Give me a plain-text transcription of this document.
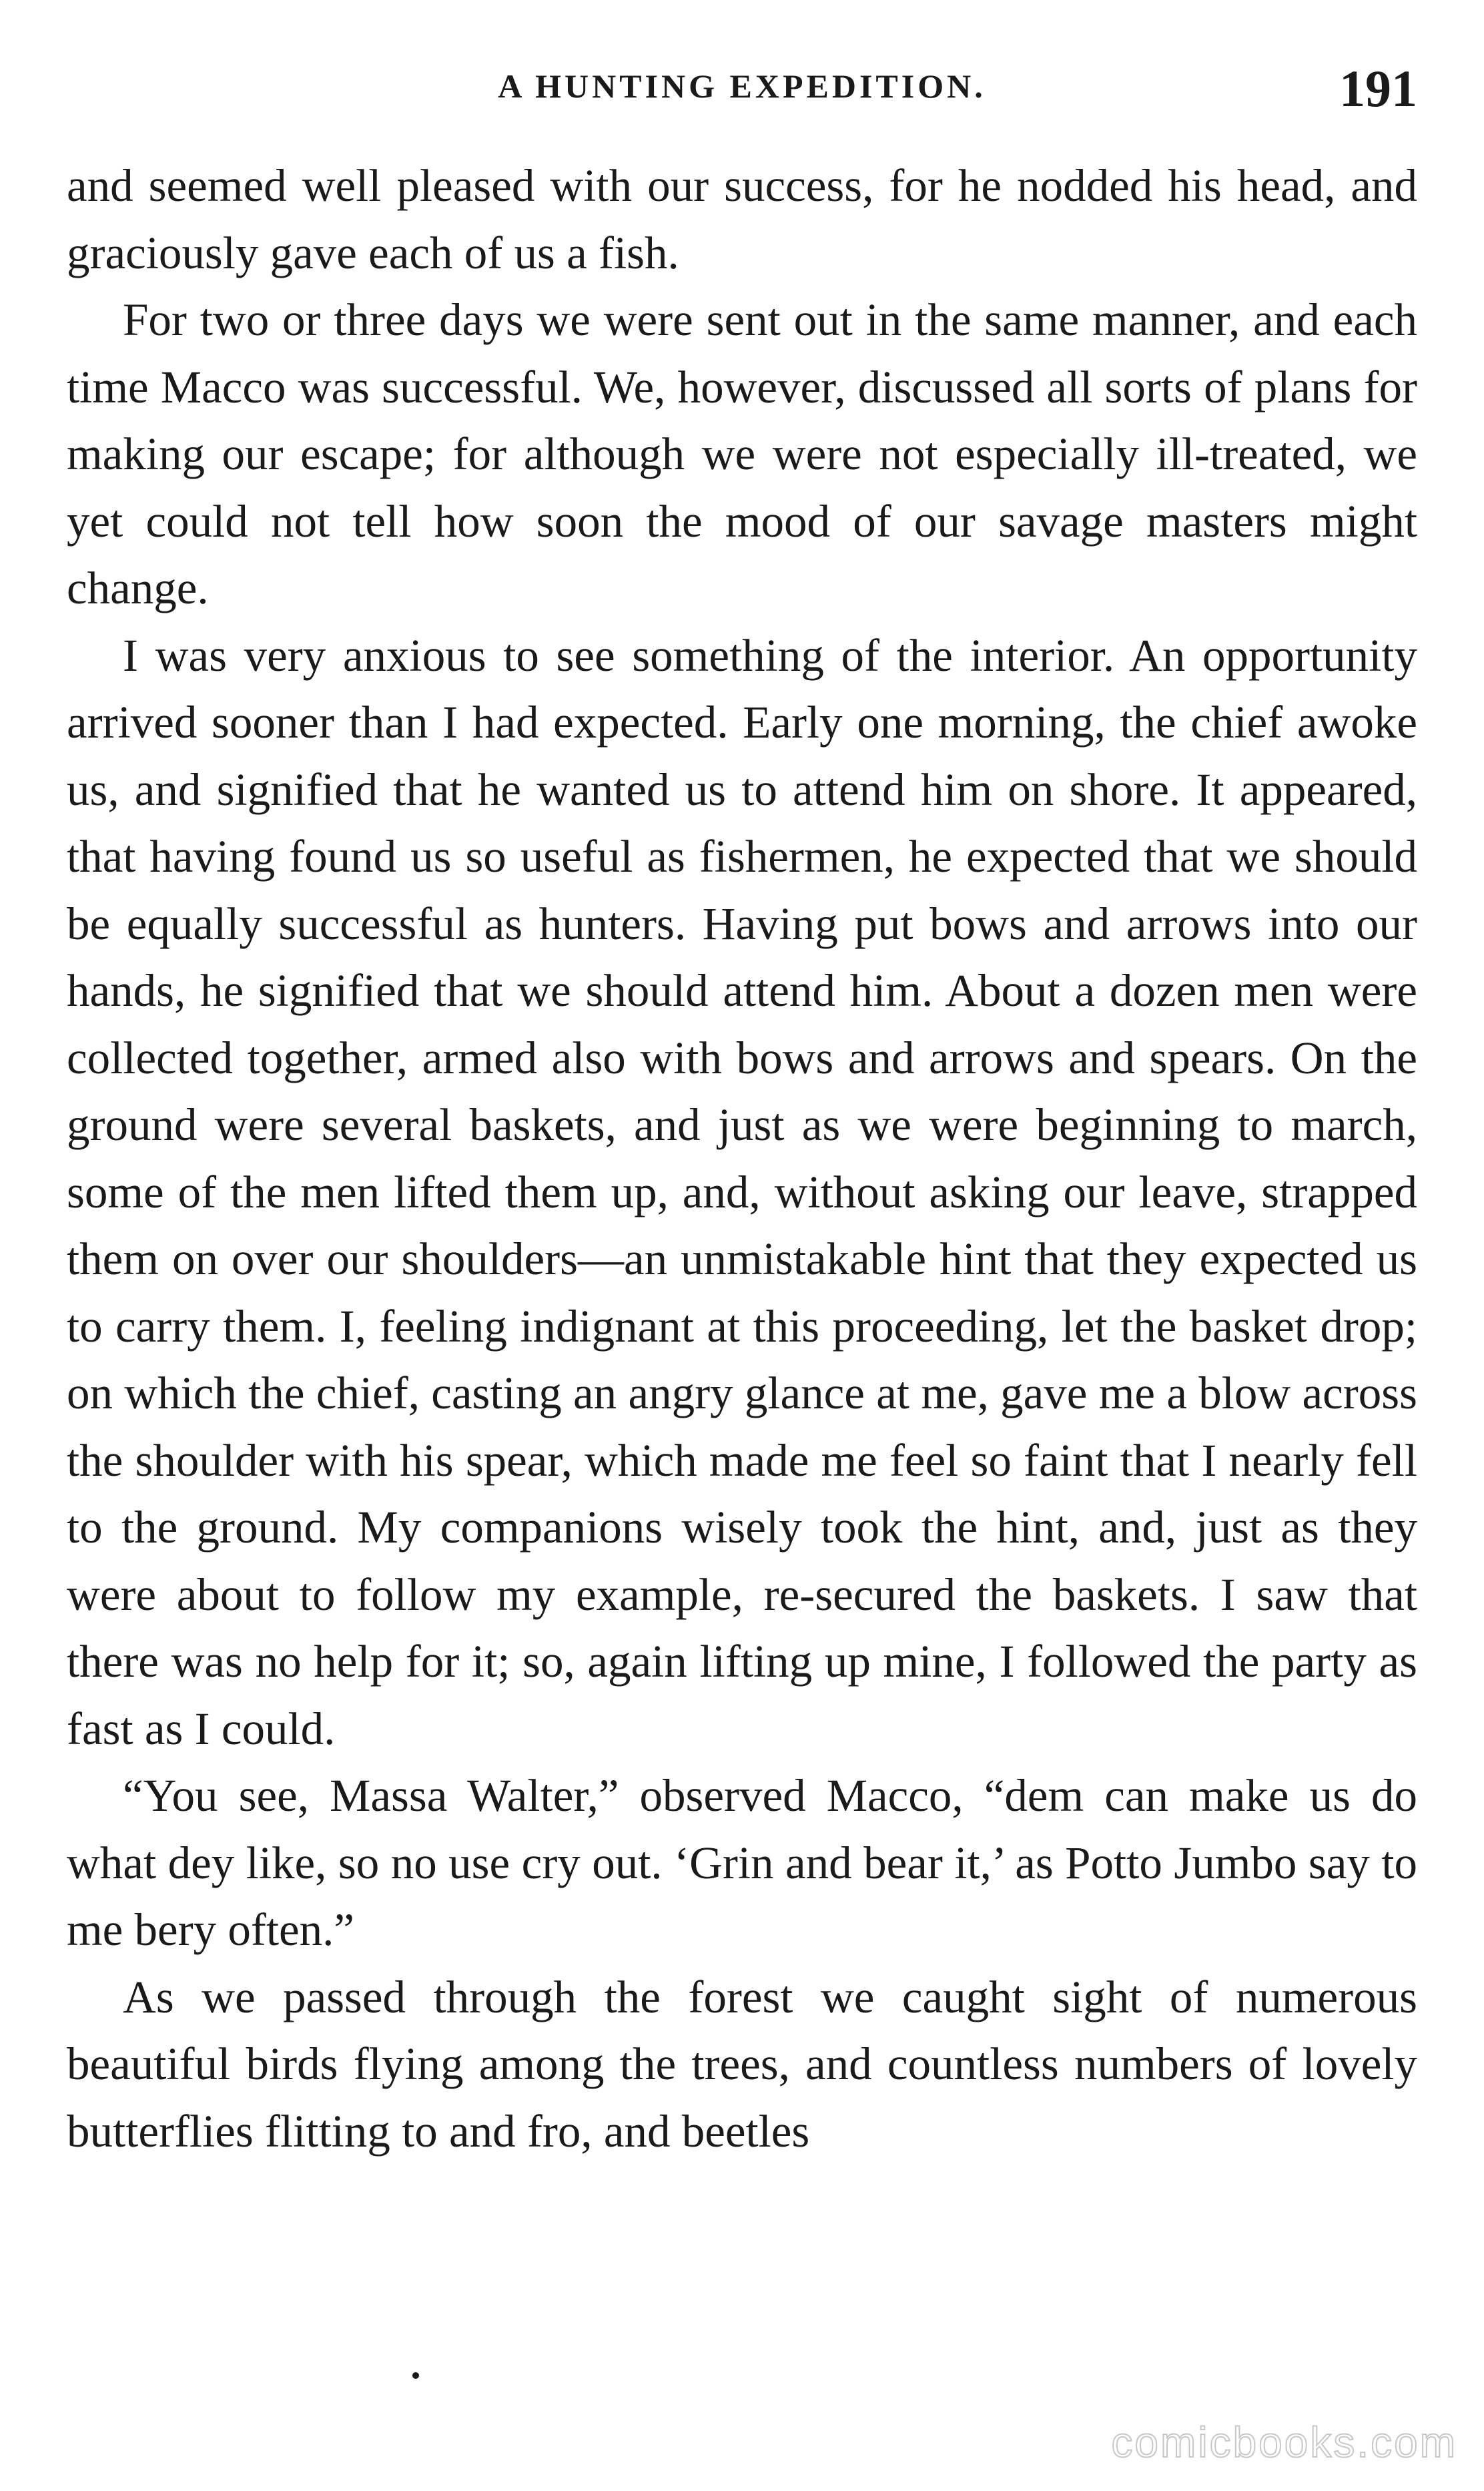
A HUNTING EXPEDITION.	191

and seemed well pleased with our success, for he nodded his head, and graciously gave each of us a fish.

For two or three days we were sent out in the same manner, and each time Macco was successful. We, however, discussed all sorts of plans for making our escape; for although we were not especially ill-treated, we yet could not tell how soon the mood of our savage masters might change.

I was very anxious to see something of the interior. An opportunity arrived sooner than I had expected. Early one morning, the chief awoke us, and signified that he wanted us to attend him on shore. It appeared, that having found us so useful as fishermen, he expected that we should be equally successful as hunters. Having put bows and arrows into our hands, he signified that we should attend him. About a dozen men were collected together, armed also with bows and arrows and spears. On the ground were several baskets, and just as we were beginning to march, some of the men lifted them up, and, without asking our leave, strapped them on over our shoulders—an unmistakable hint that they expected us to carry them. I, feeling indignant at this proceeding, let the basket drop; on which the chief, casting an angry glance at me, gave me a blow across the shoulder with his spear, which made me feel so faint that I nearly fell to the ground. My companions wisely took the hint, and, just as they were about to follow my example, re-secured the baskets. I saw that there was no help for it; so, again lifting up mine, I followed the party as fast as I could.

“You see, Massa Walter,” observed Macco, “dem can make us do what dey like, so no use cry out. ‘Grin and bear it,’ as Potto Jumbo say to me bery often.”

As we passed through the forest we caught sight of numerous beautiful birds flying among the trees, and countless numbers of lovely butterflies flitting to and fro, and beetles

comicbooks.com
